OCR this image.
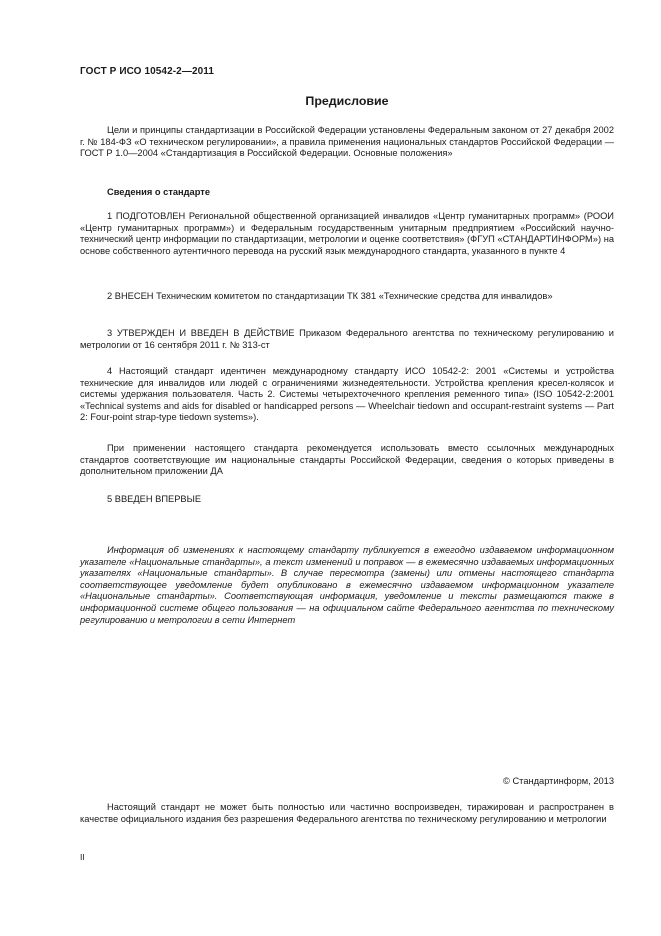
ГОСТ Р ИСО 10542-2—2011
Предисловие

Цели и принципы стандартизации в Российской Федерации установлены Федеральным законом от 27 декабря 2002 г. № 184-ФЗ «О техническом регулировании», а правила применения национальных стандартов Российской Федерации — ГОСТ Р 1.0—2004 «Стандартизация в Российской Федерации. Основные положения»

Сведения о стандарте

1 ПОДГОТОВЛЕН Региональной общественной организацией инвалидов «Центр гуманитарных программ» (РООИ «Центр гуманитарных программ») и Федеральным государственным унитарным предприятием «Российский научно-технический центр информации по стандартизации, метрологии и оценке соответствия» (ФГУП «СТАНДАРТИНФОРМ») на основе собственного аутентичного перевода на русский язык международного стандарта, указанного в пункте 4

2 ВНЕСЕН Техническим комитетом по стандартизации ТК 381 «Технические средства для инвалидов»

3 УТВЕРЖДЕН И ВВЕДЕН В ДЕЙСТВИЕ Приказом Федерального агентства по техническому регулированию и метрологии от 16 сентября 2011 г. № 313-ст

4 Настоящий стандарт идентичен международному стандарту ИСО 10542-2: 2001 «Системы и устройства технические для инвалидов или людей с ограничениями жизнедеятельности. Устройства крепления кресел-колясок и системы удержания пользователя. Часть 2. Системы четырехточечного крепления ременного типа» (ISO 10542-2:2001 «Technical systems and aids for disabled or handicapped persons — Wheelchair tiedown and occupant-restraint systems — Part 2: Four-point strap-type tiedown systems»).

При применении настоящего стандарта рекомендуется использовать вместо ссылочных международных стандартов соответствующие им национальные стандарты Российской Федерации, сведения о которых приведены в дополнительном приложении ДА

5 ВВЕДЕН ВПЕРВЫЕ

Информация об изменениях к настоящему стандарту публикуется в ежегодно издаваемом информационном указателе «Национальные стандарты», а текст изменений и поправок — в ежемесячно издаваемых информационных указателях «Национальные стандарты». В случае пересмотра (замены) или отмены настоящего стандарта соответствующее уведомление будет опубликовано в ежемесячно издаваемом информационном указателе «Национальные стандарты». Соответствующая информация, уведомление и тексты размещаются также в информационной системе общего пользования — на официальном сайте Федерального агентства по техническому регулированию и метрологии в сети Интернет

© Стандартинформ, 2013

Настоящий стандарт не может быть полностью или частично воспроизведен, тиражирован и распространен в качестве официального издания без разрешения Федерального агентства по техническому регулированию и метрологии

II
